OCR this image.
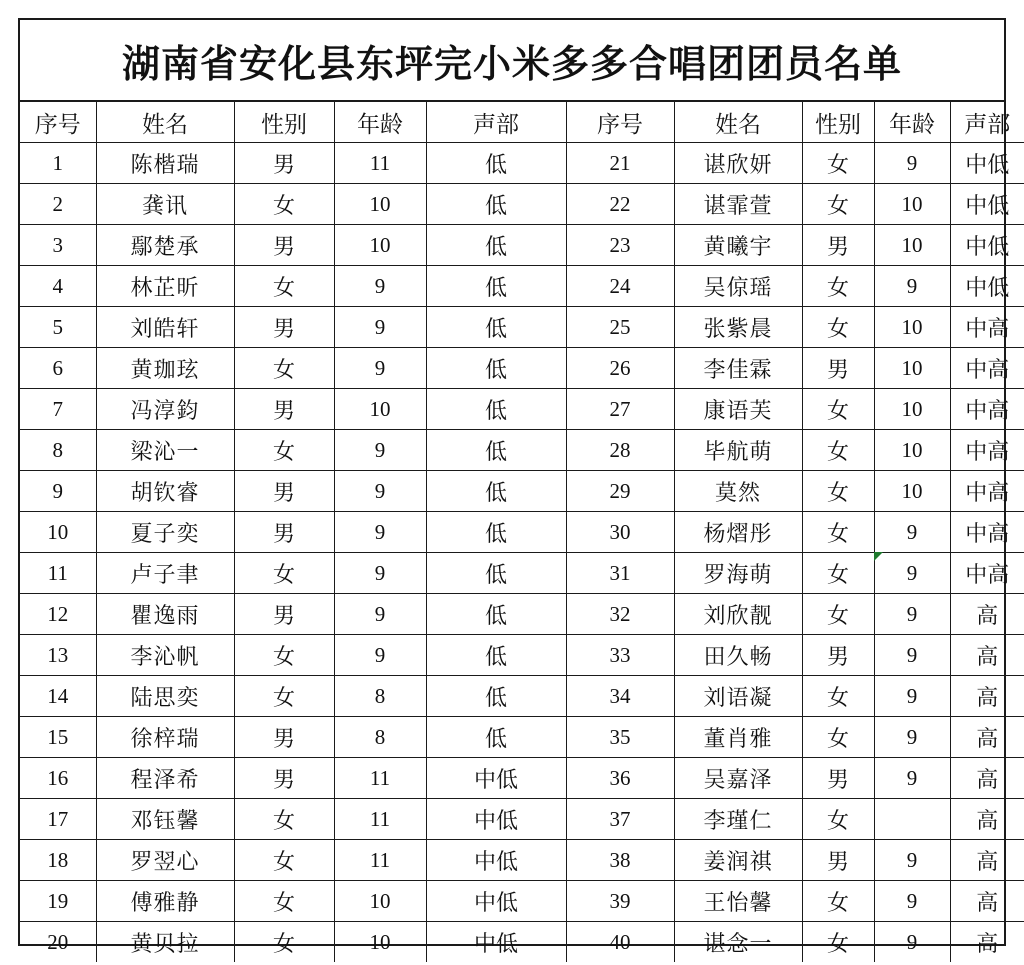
湖南省安化县东坪完小米多多合唱团团员名单
序号	姓名	性别	年龄	声部	序号	姓名	性别	年龄	声部
1	陈楷瑞	男	11	低	21	谌欣妍	女	9	中低
2	龚讯	女	10	低	22	谌霏萱	女	10	中低
3	鄢楚承	男	10	低	23	黄曦宇	男	10	中低
4	林芷昕	女	9	低	24	吴倞瑶	女	9	中低
5	刘皓轩	男	9	低	25	张紫晨	女	10	中高
6	黄珈玹	女	9	低	26	李佳霖	男	10	中高
7	冯淳鈞	男	10	低	27	康语芙	女	10	中高
8	梁沁一	女	9	低	28	毕航萌	女	10	中高
9	胡钦睿	男	9	低	29	莫然	女	10	中高
10	夏子奕	男	9	低	30	杨熠彤	女	9	中高
11	卢子聿	女	9	低	31	罗海萌	女	9	中高
12	瞿逸雨	男	9	低	32	刘欣靓	女	9	高
13	李沁帆	女	9	低	33	田久畅	男	9	高
14	陆思奕	女	8	低	34	刘语凝	女	9	高
15	徐梓瑞	男	8	低	35	董肖雅	女	9	高
16	程泽希	男	11	中低	36	吴嘉泽	男	9	高
17	邓钰馨	女	11	中低	37	李瑾仁	女		高
18	罗翌心	女	11	中低	38	姜润祺	男	9	高
19	傅雅静	女	10	中低	39	王怡馨	女	9	高
20	黄贝拉	女	10	中低	40	谌念一	女	9	高
